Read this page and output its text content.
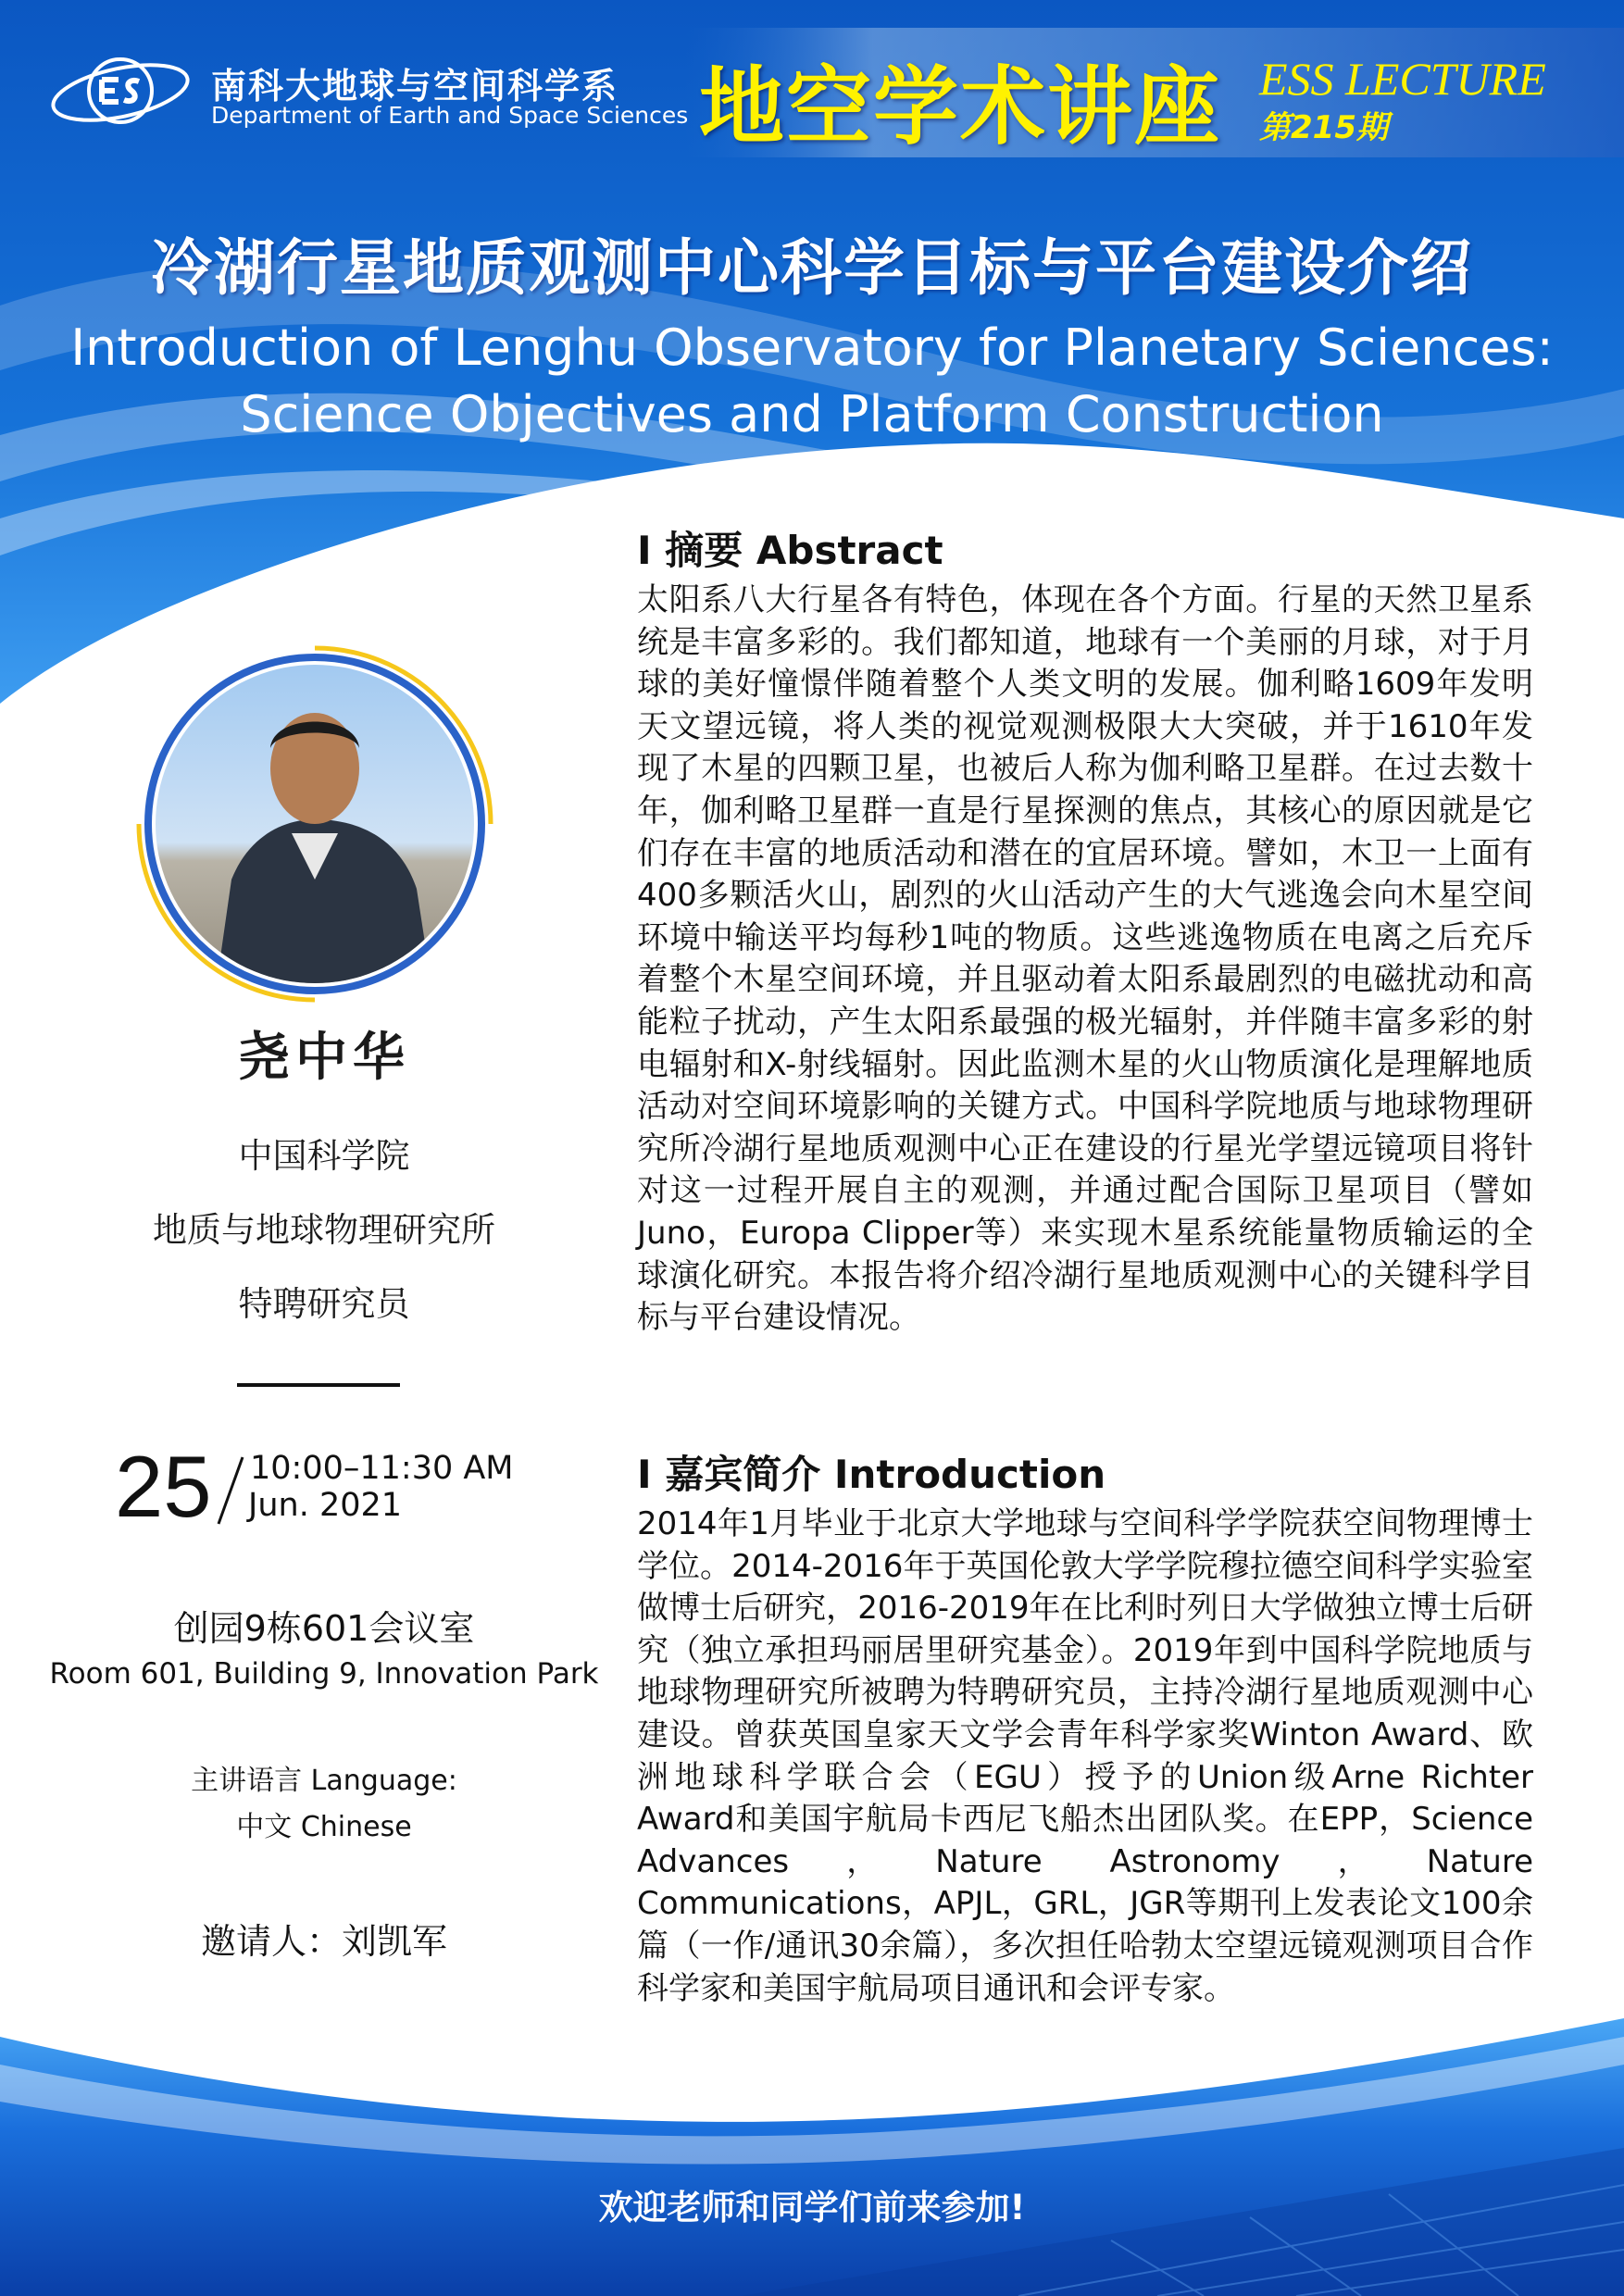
南科大地球与空间科学系
Department of Earth and Space Sciences 地空学术讲座 ESS LECTURE
第215期
冷湖行星地质观测中心科学目标与平台建设介绍
Introduction of Lenghu Observatory for Planetary Sciences:
Science Objectives and Platform Construction
尧中华
中国科学院
地质与地球物理研究所
特聘研究员
25 10:00–11:30 AM
Jun. 2021
创园9栋601会议室
Room 601, Building 9, Innovation Park
主讲语言 Language:
中文 Chinese
邀请人：刘凯军
I 摘要 Abstract
太阳系八大行星各有特色，体现在各个方面。行星的天然卫星系统是丰富多彩的。我们都知道，地球有一个美丽的月球，对于月球的美好憧憬伴随着整个人类文明的发展。伽利略1609年发明天文望远镜，将人类的视觉观测极限大大突破，并于1610年发现了木星的四颗卫星，也被后人称为伽利略卫星群。在过去数十年，伽利略卫星群一直是行星探测的焦点，其核心的原因就是它们存在丰富的地质活动和潜在的宜居环境。譬如，木卫一上面有400多颗活火山，剧烈的火山活动产生的大气逃逸会向木星空间环境中输送平均每秒1吨的物质。这些逃逸物质在电离之后充斥着整个木星空间环境，并且驱动着太阳系最剧烈的电磁扰动和高能粒子扰动，产生太阳系最强的极光辐射，并伴随丰富多彩的射电辐射和X-射线辐射。因此监测木星的火山物质演化是理解地质活动对空间环境影响的关键方式。中国科学院地质与地球物理研究所冷湖行星地质观测中心正在建设的行星光学望远镜项目将针对这一过程开展自主的观测，并通过配合国际卫星项目（譬如Juno，Europa Clipper等）来实现木星系统能量物质输运的全球演化研究。本报告将介绍冷湖行星地质观测中心的关键科学目标与平台建设情况。
I 嘉宾简介 Introduction
2014年1月毕业于北京大学地球与空间科学学院获空间物理博士学位。2014-2016年于英国伦敦大学学院穆拉德空间科学实验室做博士后研究，2016-2019年在比利时列日大学做独立博士后研究（独立承担玛丽居里研究基金）。2019年到中国科学院地质与地球物理研究所被聘为特聘研究员，主持冷湖行星地质观测中心建设。曾获英国皇家天文学会青年科学家奖Winton Award、欧洲地球科学联合会（EGU）授予的Union级Arne Richter Award和美国宇航局卡西尼飞船杰出团队奖。在EPP，Science Advances，Nature Astronomy，Nature Communications，APJL，GRL，JGR等期刊上发表论文100余篇（一作/通讯30余篇），多次担任哈勃太空望远镜观测项目合作科学家和美国宇航局项目通讯和会评专家。
欢迎老师和同学们前来参加!
